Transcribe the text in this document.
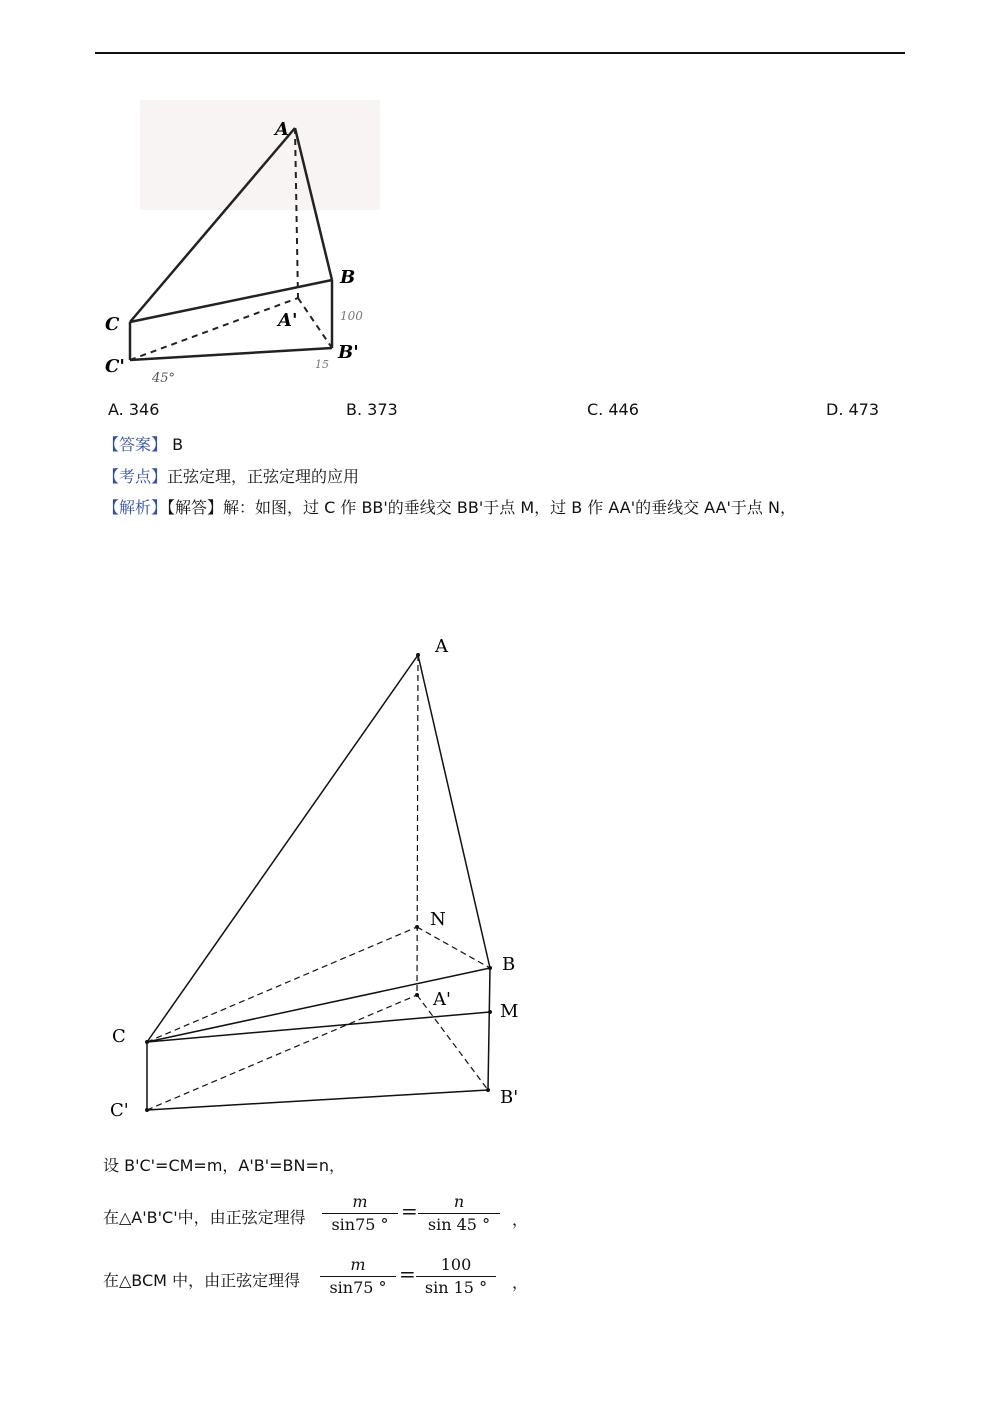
A
B
C	A'
B'
C'
45°
100
15
A. 346	B. 373	C. 446	D. 473
【答案】 B
【考点】正弦定理，正弦定理的应用
【解析】【解答】解：如图，过 C 作 BB'的垂线交 BB'于点 M，过 B 作 AA'的垂线交 AA'于点 N，
A
N
B
A'
M
C
C'
B'
设 B'C'=CM=m，A'B'=BN=n，
在△A'B'C'中，由正弦定理得
m
sin75 °
=	n
sin 45 °	，
在△BCM 中，由正弦定理得
m
sin75 °
=	100
sin 15 °	，
